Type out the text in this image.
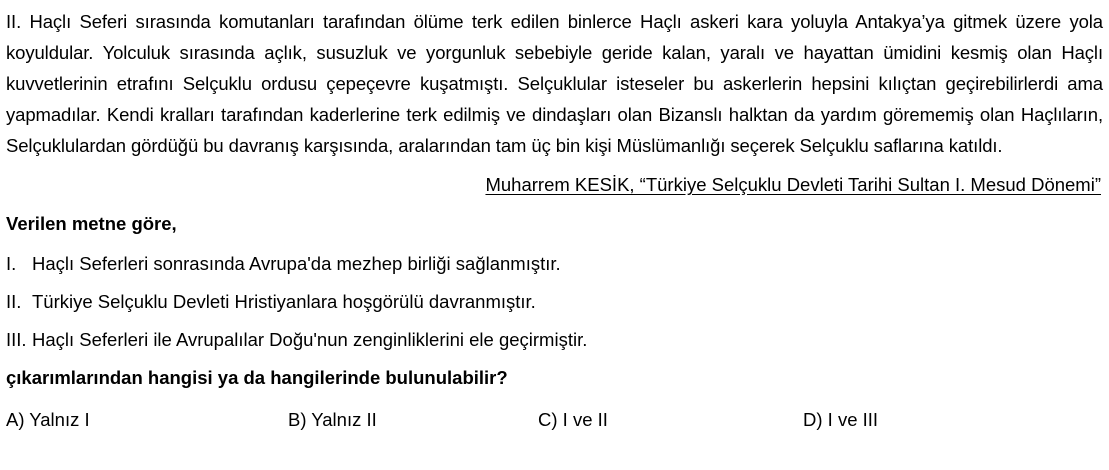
II. Haçlı Seferi sırasında komutanları tarafından ölüme terk edilen binlerce Haçlı askeri kara yoluyla Antakya’ya gitmek üzere yola koyuldular. Yolculuk sırasında açlık, susuzluk ve yorgunluk sebebiyle geride kalan, yaralı ve hayattan ümidini kesmiş olan Haçlı kuvvetlerinin etrafını Selçuklu ordusu çepeçevre kuşatmıştı. Selçuklular isteseler bu askerlerin hepsini kılıçtan geçirebilirlerdi ama yapmadılar. Kendi kralları tarafından kaderlerine terk edilmiş ve dindaşları olan Bizanslı halktan da yardım görememiş olan Haçlıların, Selçuklulardan gördüğü bu davranış karşısında, aralarından tam üç bin kişi Müslümanlığı seçerek Selçuklu saflarına katıldı.

Muharrem KESİK, “Türkiye Selçuklu Devleti Tarihi Sultan I. Mesud Dönemi”
Verilen metne göre,
I. Haçlı Seferleri sonrasında Avrupa'da mezhep birliği sağlanmıştır.
II. Türkiye Selçuklu Devleti Hristiyanlara hoşgörülü davranmıştır.
III. Haçlı Seferleri ile Avrupalılar Doğu'nun zenginliklerini ele geçirmiştir.
çıkarımlarından hangisi ya da hangilerinde bulunulabilir?
A) Yalnız I	B) Yalnız II	C) I ve II	D) I ve III
